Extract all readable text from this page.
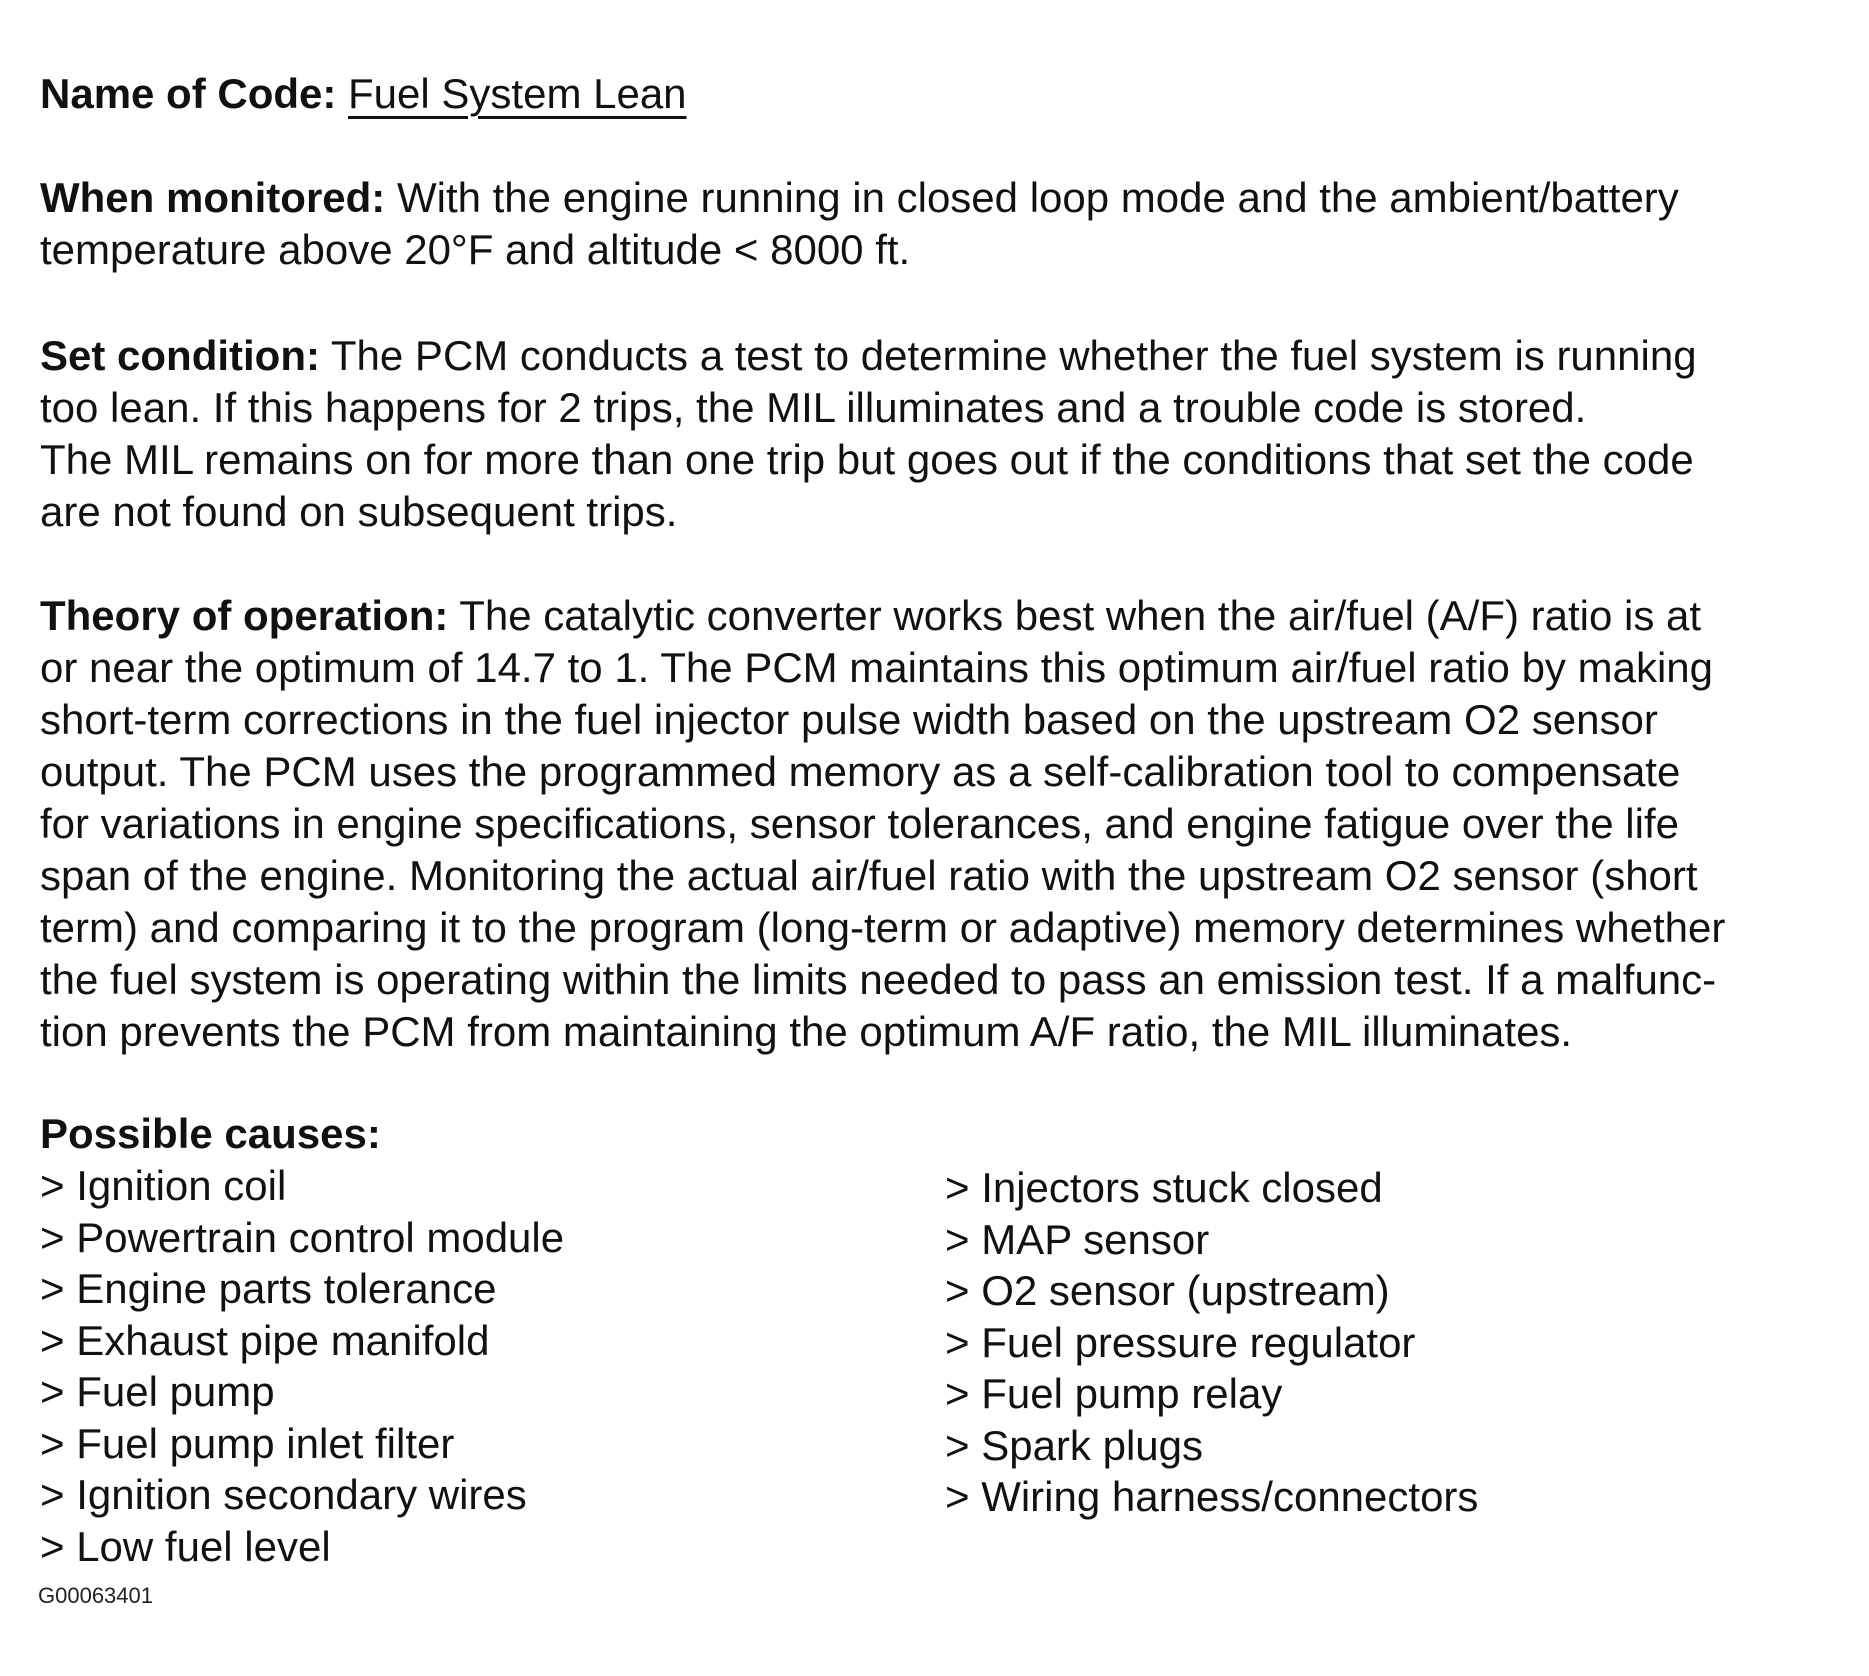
Name of Code: Fuel System Lean

When monitored: With the engine running in closed loop mode and the ambient/battery

temperature above 20°F and altitude < 8000 ft.

Set condition: The PCM conducts a test to determine whether the fuel system is running

too lean. If this happens for 2 trips, the MIL illuminates and a trouble code is stored.

The MIL remains on for more than one trip but goes out if the conditions that set the code

are not found on subsequent trips.

Theory of operation: The catalytic converter works best when the air/fuel (A/F) ratio is at

or near the optimum of 14.7 to 1. The PCM maintains this optimum air/fuel ratio by making

short-term corrections in the fuel injector pulse width based on the upstream O2 sensor

output. The PCM uses the programmed memory as a self-calibration tool to compensate

for variations in engine specifications, sensor tolerances, and engine fatigue over the life

span of the engine. Monitoring the actual air/fuel ratio with the upstream O2 sensor (short

term) and comparing it to the program (long-term or adaptive) memory determines whether

the fuel system is operating within the limits needed to pass an emission test. If a malfunc-

tion prevents the PCM from maintaining the optimum A/F ratio, the MIL illuminates.

Possible causes:

> Ignition coil
> Powertrain control module
> Engine parts tolerance
> Exhaust pipe manifold
> Fuel pump
> Fuel pump inlet filter
> Ignition secondary wires
> Low fuel level
> Injectors stuck closed
> MAP sensor
> O2 sensor (upstream)
> Fuel pressure regulator
> Fuel pump relay
> Spark plugs
> Wiring harness/connectors
G00063401
